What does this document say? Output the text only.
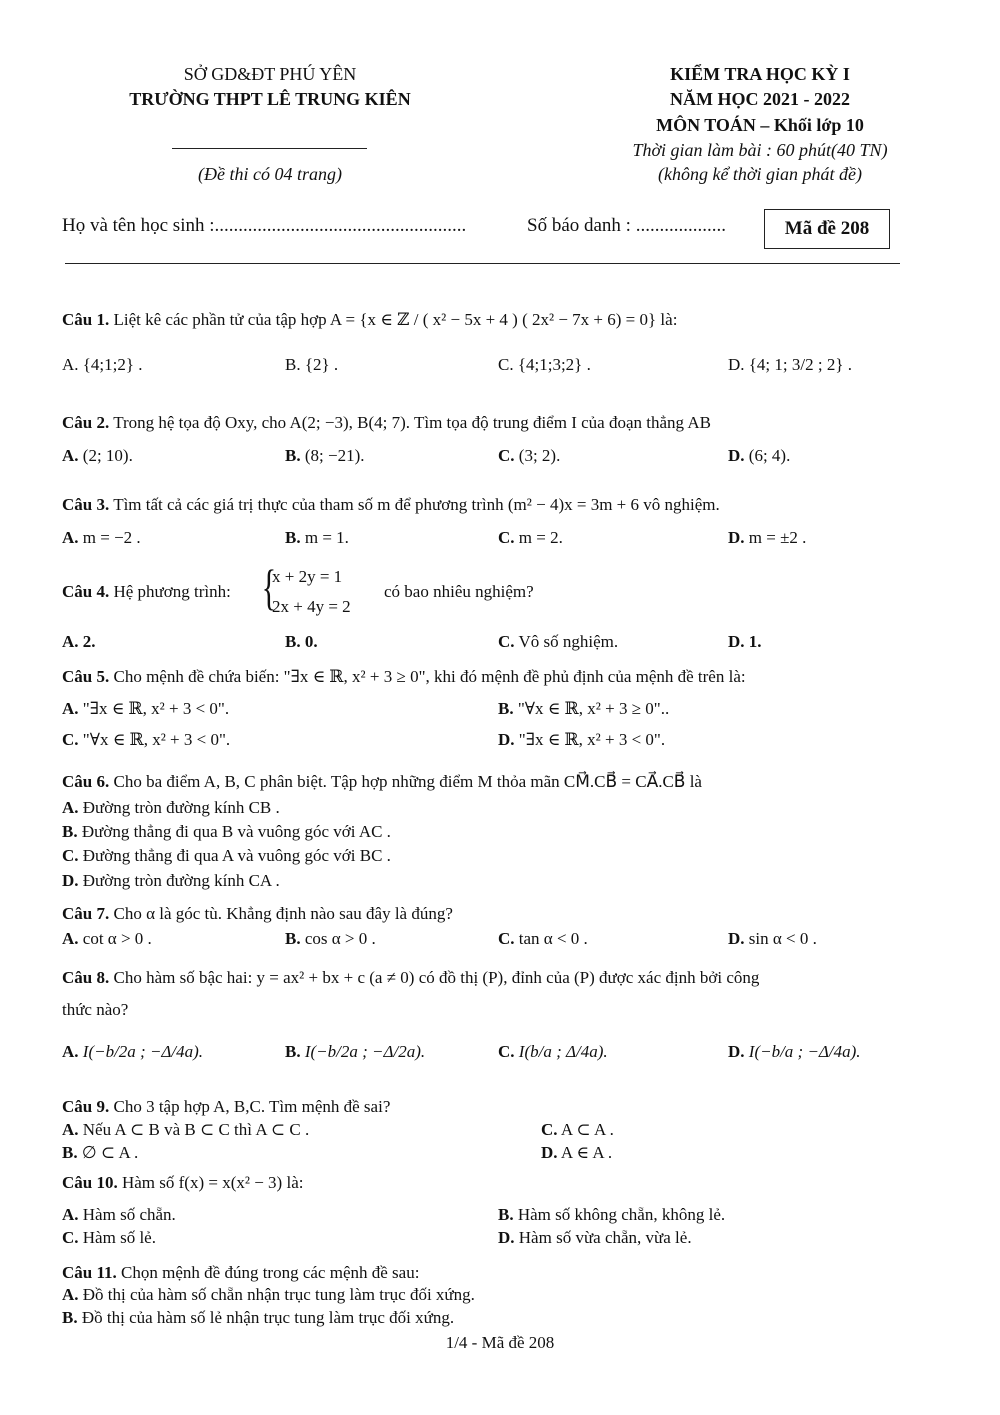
SỞ GD&ĐT PHÚ YÊN
TRƯỜNG THPT LÊ TRUNG KIÊN
(Đề thi có 04 trang)
KIỂM TRA HỌC KỲ I
NĂM HỌC 2021 - 2022
MÔN TOÁN – Khối lớp 10
Thời gian làm bài : 60 phút(40 TN)
(không kể thời gian phát đề)
Họ và tên học sinh :.....................................................	Số báo danh : ...................	Mã đề 208
Câu 1. Liệt kê các phần tử của tập hợp A = {x ∈ ℤ / ( x² − 5x + 4 ) ( 2x² − 7x + 6) = 0} là:
A. {4;1;2} .	B. {2} .	C. {4;1;3;2} .	D. {4; 1; 3/2 ; 2} .
Câu 2. Trong hệ tọa độ Oxy, cho A(2; −3), B(4; 7). Tìm tọa độ trung điểm I của đoạn thẳng AB
A. (2; 10).	B. (8; −21).	C. (3; 2).	D. (6; 4).
Câu 3. Tìm tất cả các giá trị thực của tham số m để phương trình (m² − 4)x = 3m + 6 vô nghiệm.
A. m = −2 .	B. m = 1.	C. m = 2.	D. m = ±2 .
Câu 4. Hệ phương trình: {
x + 2y = 1
2x + 4y = 2
có bao nhiêu nghiệm?
A. 2.	B. 0.	C. Vô số nghiệm.	D. 1.
Câu 5. Cho mệnh đề chứa biến: "∃x ∈ ℝ, x² + 3 ≥ 0", khi đó mệnh đề phủ định của mệnh đề trên là:
A. "∃x ∈ ℝ, x² + 3 < 0".	B. "∀x ∈ ℝ, x² + 3 ≥ 0"..
C. "∀x ∈ ℝ, x² + 3 < 0".	D. "∃x ∈ ℝ, x² + 3 < 0".
Câu 6. Cho ba điểm A, B, C phân biệt. Tập hợp những điểm M thỏa mãn CM⃗.CB⃗ = CA⃗.CB⃗ là
A. Đường tròn đường kính CB .
B. Đường thẳng đi qua B và vuông góc với AC .
C. Đường thẳng đi qua A và vuông góc với BC .
D. Đường tròn đường kính CA .
Câu 7. Cho α là góc tù. Khẳng định nào sau đây là đúng?
A. cot α > 0 .	B. cos α > 0 .	C. tan α < 0 .	D. sin α < 0 .
Câu 8. Cho hàm số bậc hai: y = ax² + bx + c (a ≠ 0) có đồ thị (P), đỉnh của (P) được xác định bởi công
thức nào?
A. I(−b/2a ; −Δ/4a).	B. I(−b/2a ; −Δ/2a).	C. I(b/a ; Δ/4a).	D. I(−b/a ; −Δ/4a).
Câu 9. Cho 3 tập hợp A, B,C. Tìm mệnh đề sai?
A. Nếu A ⊂ B và B ⊂ C thì A ⊂ C .	C. A ⊂ A .
B. ∅ ⊂ A .	D. A ∈ A .
Câu 10. Hàm số f(x) = x(x² − 3) là:
A. Hàm số chẵn.	B. Hàm số không chẵn, không lẻ.
C. Hàm số lẻ.	D. Hàm số vừa chẵn, vừa lẻ.
Câu 11. Chọn mệnh đề đúng trong các mệnh đề sau:
A. Đồ thị của hàm số chẵn nhận trục tung làm trục đối xứng.
B. Đồ thị của hàm số lẻ nhận trục tung làm trục đối xứng.
1/4 - Mã đề 208
